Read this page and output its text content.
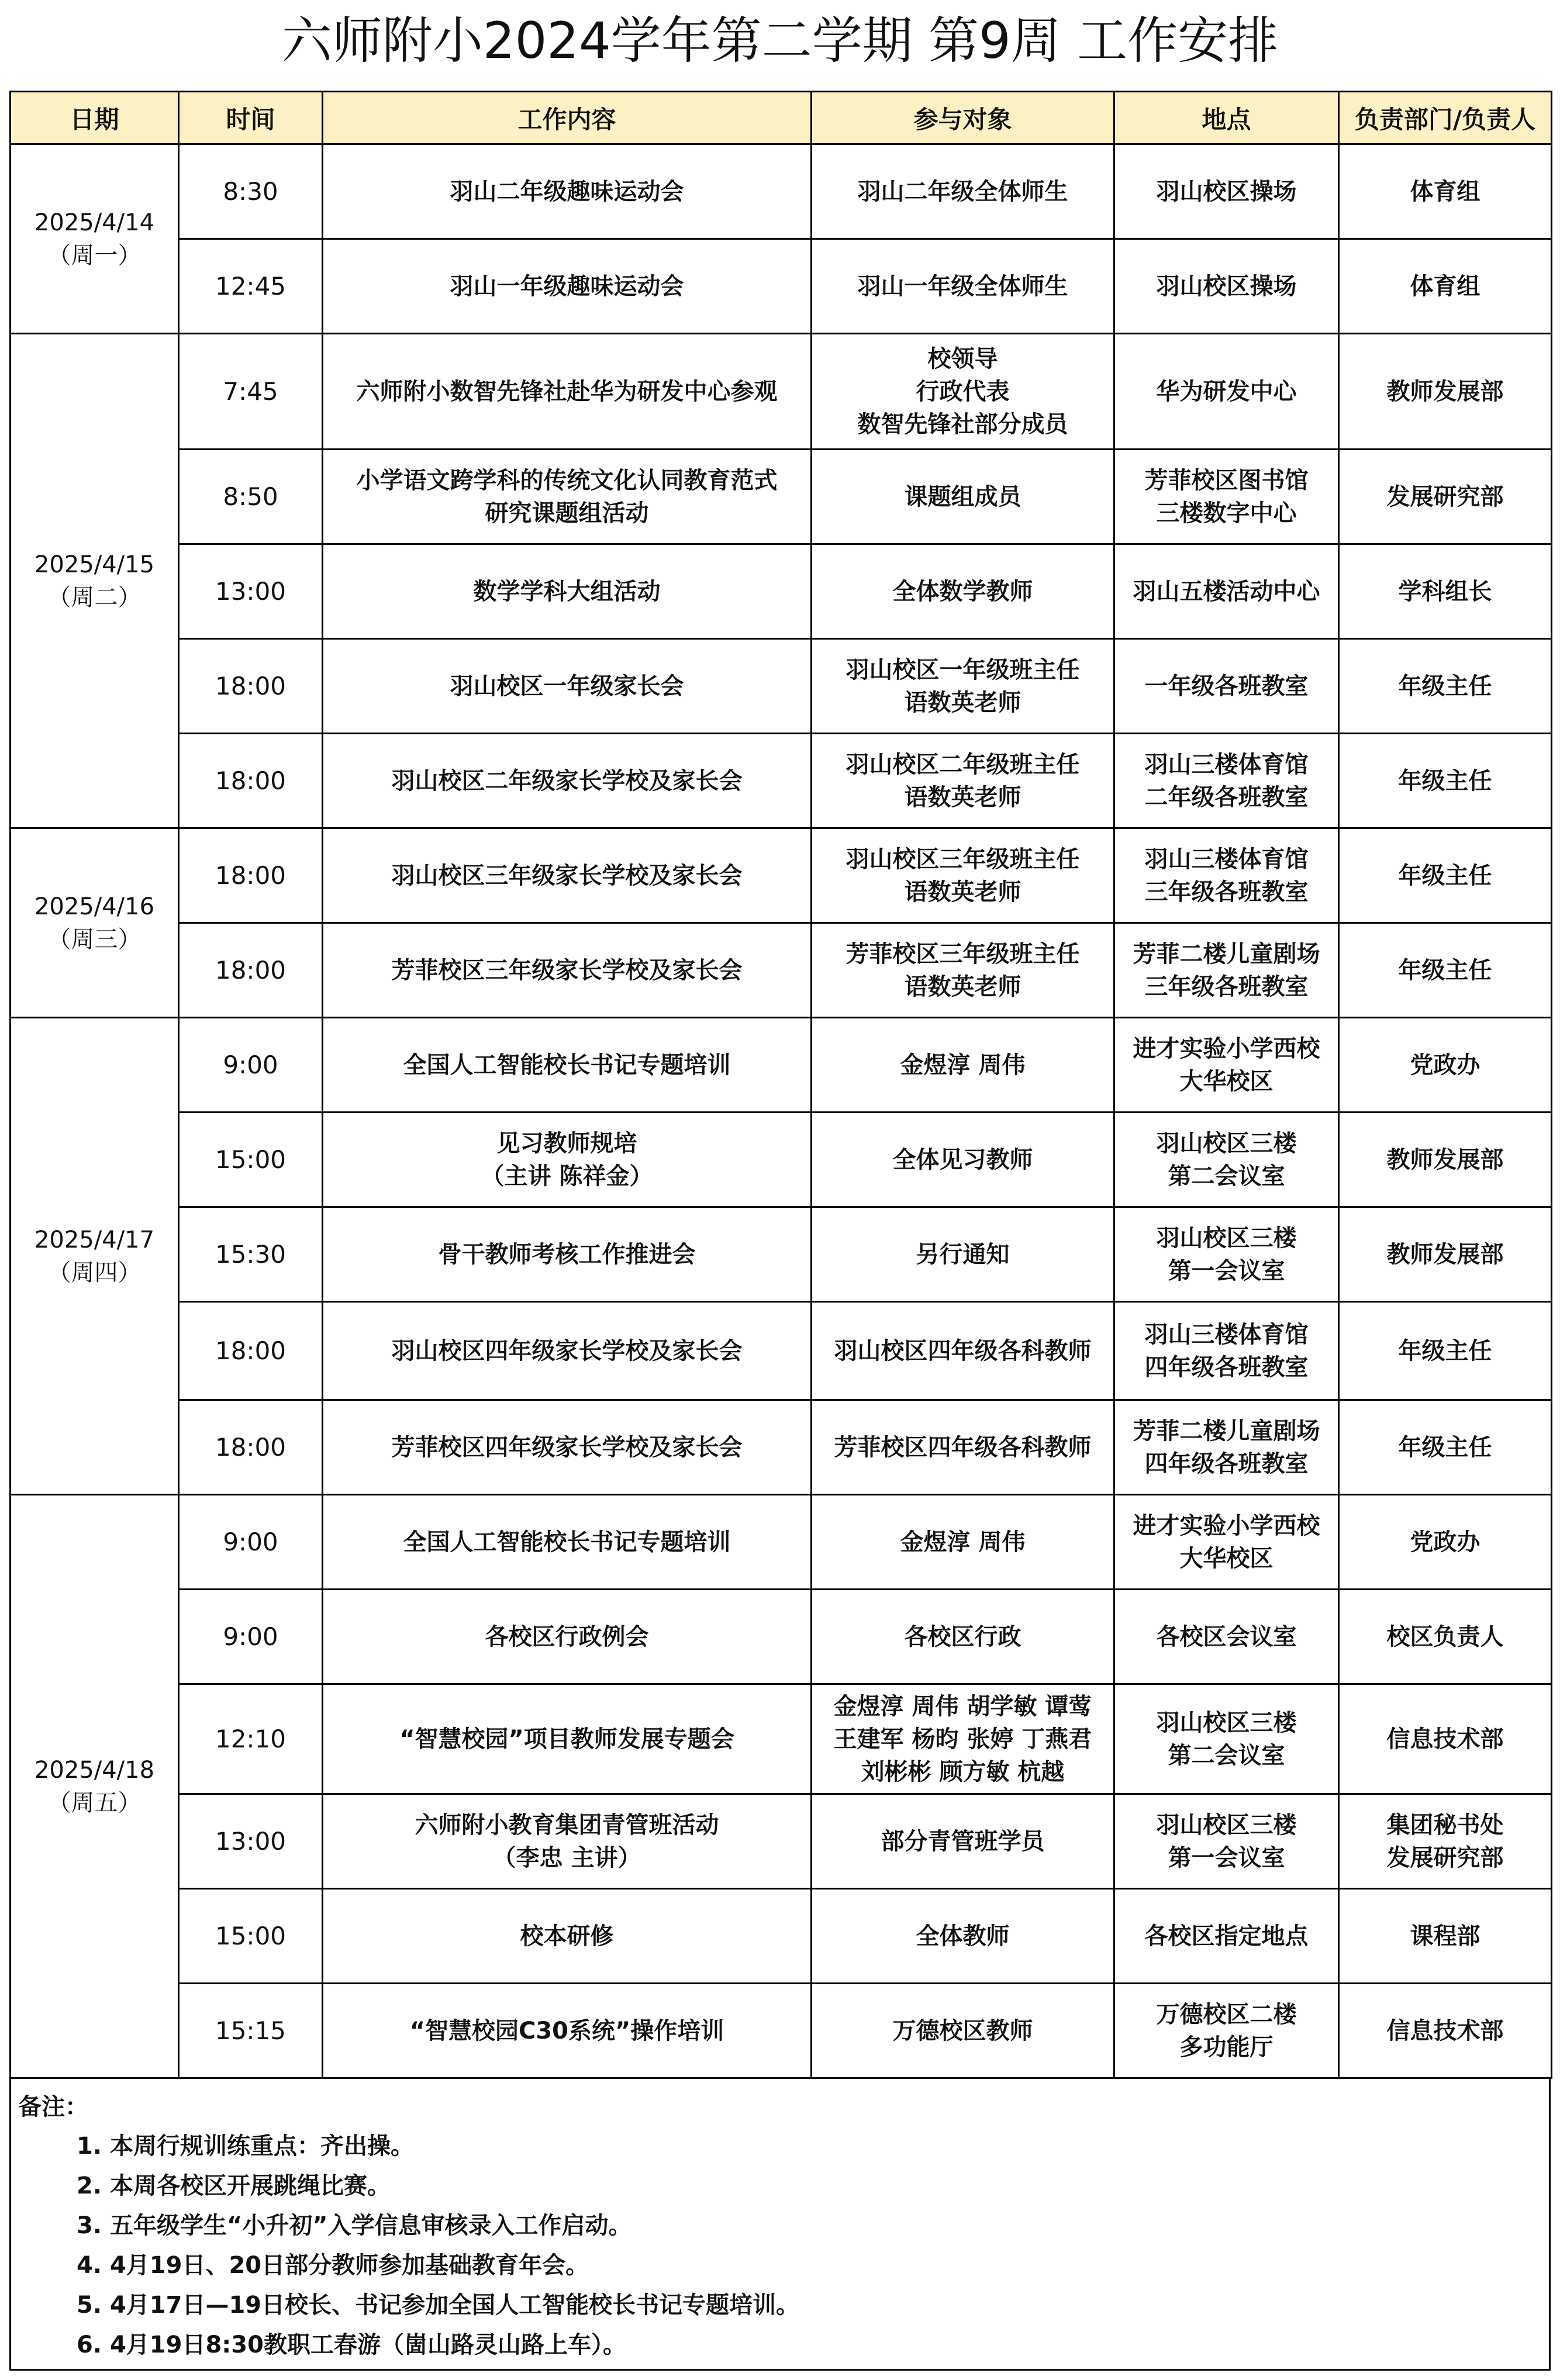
六师附小2024学年第二学期 第9周 工作安排
日期	时间	工作内容	参与对象	地点	负责部门/负责人

2025/4/14
（周一）	8:30	羽山二年级趣味运动会	羽山二年级全体师生	羽山校区操场	体育组

	12:45	羽山一年级趣味运动会	羽山一年级全体师生	羽山校区操场	体育组

2025/4/15
（周二）	7:45	六师附小数智先锋社赴华为研发中心参观	校领导
行政代表
数智先锋社部分成员	华为研发中心	教师发展部

	8:50	小学语文跨学科的传统文化认同教育范式
研究课题组活动	课题组成员	芳菲校区图书馆
三楼数字中心	发展研究部

	13:00	数学学科大组活动	全体数学教师	羽山五楼活动中心	学科组长

	18:00	羽山校区一年级家长会	羽山校区一年级班主任
语数英老师	一年级各班教室	年级主任

	18:00	羽山校区二年级家长学校及家长会	羽山校区二年级班主任
语数英老师	羽山三楼体育馆
二年级各班教室	年级主任

2025/4/16
（周三）	18:00	羽山校区三年级家长学校及家长会	羽山校区三年级班主任
语数英老师	羽山三楼体育馆
三年级各班教室	年级主任

	18:00	芳菲校区三年级家长学校及家长会	芳菲校区三年级班主任
语数英老师	芳菲二楼儿童剧场
三年级各班教室	年级主任

2025/4/17
（周四）	9:00	全国人工智能校长书记专题培训	金煜淳 周伟	进才实验小学西校
大华校区	党政办

	15:00	见习教师规培
（主讲 陈祥金）	全体见习教师	羽山校区三楼
第二会议室	教师发展部

	15:30	骨干教师考核工作推进会	另行通知	羽山校区三楼
第一会议室	教师发展部

	18:00	羽山校区四年级家长学校及家长会	羽山校区四年级各科教师	羽山三楼体育馆
四年级各班教室	年级主任

	18:00	芳菲校区四年级家长学校及家长会	芳菲校区四年级各科教师	芳菲二楼儿童剧场
四年级各班教室	年级主任

2025/4/18
（周五）	9:00	全国人工智能校长书记专题培训	金煜淳 周伟	进才实验小学西校
大华校区	党政办

	9:00	各校区行政例会	各校区行政	各校区会议室	校区负责人

	12:10	“智慧校园”项目教师发展专题会	金煜淳 周伟 胡学敏 谭莺
王建军 杨昀 张婷 丁燕君
刘彬彬 顾方敏 杭越	羽山校区三楼
第二会议室	信息技术部

	13:00	六师附小教育集团青管班活动
（李忠 主讲）	部分青管班学员	羽山校区三楼
第一会议室	集团秘书处
发展研究部

	15:00	校本研修	全体教师	各校区指定地点	课程部

	15:15	“智慧校园C30系统”操作培训	万德校区教师	万德校区二楼
多功能厅	信息技术部
备注：
1. 本周行规训练重点：齐出操。
2. 本周各校区开展跳绳比赛。
3. 五年级学生“小升初”入学信息审核录入工作启动。
4. 4月19日、20日部分教师参加基础教育年会。
5. 4月17日—19日校长、书记参加全国人工智能校长书记专题培训。
6. 4月19日8:30教职工春游（崮山路灵山路上车）。
